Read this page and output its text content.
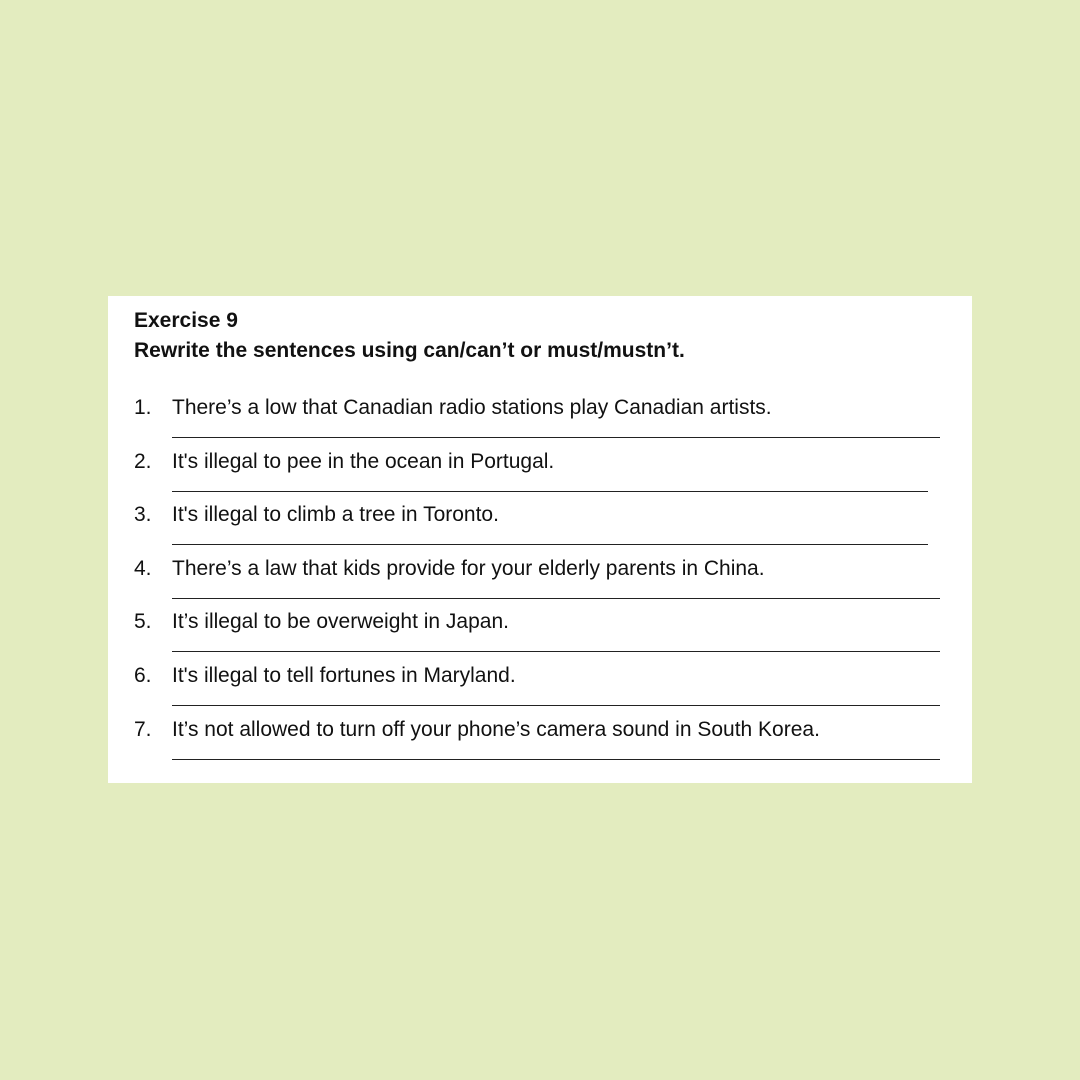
Exercise 9
Rewrite the sentences using can/can’t or must/mustn’t.
1. There’s a low that Canadian radio stations play Canadian artists.
2. It's illegal to pee in the ocean in Portugal.
3. It's illegal to climb a tree in Toronto.
4. There’s a law that kids provide for your elderly parents in China.
5. It’s illegal to be overweight in Japan.
6. It's illegal to tell fortunes in Maryland.
7. It’s not allowed to turn off your phone’s camera sound in South Korea.
